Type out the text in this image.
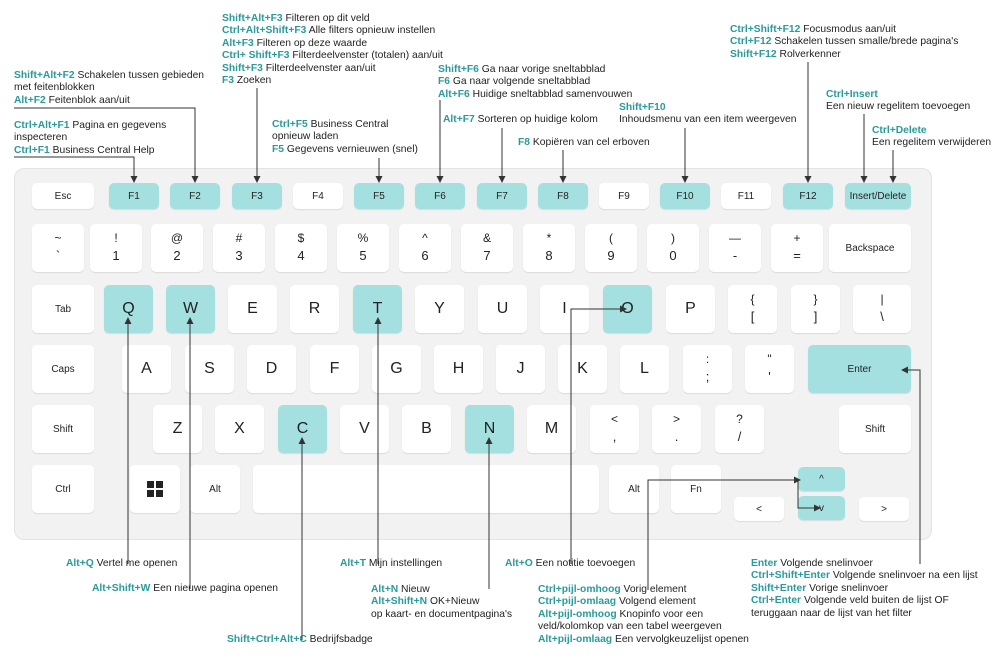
Esc	F1	F2	F3	F4	F5	F6	F7	F8	F9	F10	F11	F12	Insert/Delete
~
`
!
1
@
2
#
3
$
4
%
5
^
6
&
7
*
8
(
9
)
0
—
-
+
=	Backspace
Tab	Q	W	E	R	T	Y	U	I	O	P
{
[
}
]
|
\
Caps	A	S	D	F	G	H	J	K	L
:
;
"
'	Enter
Shift	Z	X	C	V	B	N	M
<
,
>
.
?
/	Shift
Ctrl	Alt	Alt	Fn
<
^
v	>
Shift+Alt+F2 Schakelen tussen gebieden
met feitenblokken
Alt+F2 Feitenblok aan/uit
Ctrl+Alt+F1 Pagina en gegevens
inspecteren
Ctrl+F1 Business Central Help
Shift+Alt+F3 Filteren op dit veld
Ctrl+Alt+Shift+F3 Alle filters opnieuw instellen
Alt+F3 Filteren op deze waarde
Ctrl+ Shift+F3 Filterdeelvenster (totalen) aan/uit
Shift+F3 Filterdeelvenster aan/uit
F3 Zoeken
Ctrl+F5 Business Central
opnieuw laden
F5 Gegevens vernieuwen (snel)
Shift+F6 Ga naar vorige sneltabblad
F6 Ga naar volgende sneltabblad
Alt+F6 Huidige sneltabblad samenvouwen
Alt+F7 Sorteren op huidige kolom
F8 Kopiëren van cel erboven
Shift+F10
Inhoudsmenu van een item weergeven
Ctrl+Shift+F12 Focusmodus aan/uit
Ctrl+F12 Schakelen tussen smalle/brede pagina's
Shift+F12 Rolverkenner
Ctrl+Insert
Een nieuw regelitem toevoegen
Ctrl+Delete
Een regelitem verwijderen
Alt+Q Vertel me openen
Alt+Shift+W Een nieuwe pagina openen
Shift+Ctrl+Alt+C Bedrijfsbadge
Alt+T Mijn instellingen
Alt+N Nieuw
Alt+Shift+N OK+Nieuw
op kaart- en documentpagina's
Alt+O Een notitie toevoegen
Ctrl+pijl-omhoog Vorig element
Ctrl+pijl-omlaag Volgend element
Alt+pijl-omhoog Knopinfo voor een
veld/kolomkop van een tabel weergeven
Alt+pijl-omlaag Een vervolgkeuzelijst openen
Enter Volgende snelinvoer
Ctrl+Shift+Enter Volgende snelinvoer na een lijst
Shift+Enter Vorige snelinvoer
Ctrl+Enter Volgende veld buiten de lijst OF
teruggaan naar de lijst van het filter
